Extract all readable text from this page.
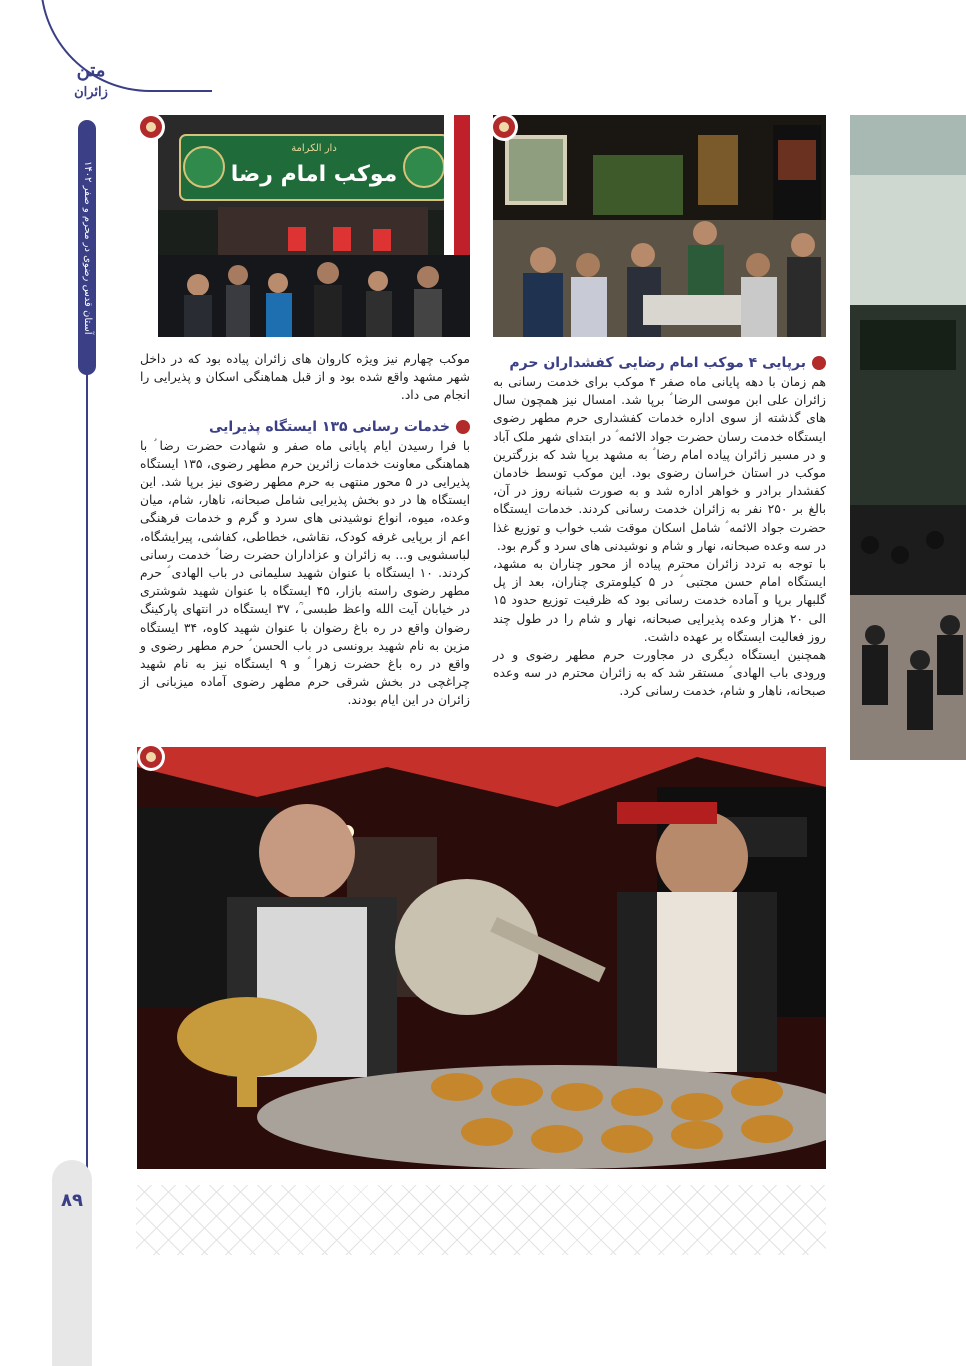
متن
زائران
آستان قدس رضوی در محرم و صفر ۱۴۰۲
دار الكرامة
موکب امام رضا
برپایی ۴ موکب امام رضایی کفشداران حرم

هم زمان با دهه پایانی ماه صفر ۴ موکب برای خدمت رسانی به زائران علی ابن موسی الرضا ؑ برپا شد. امسال نیز همچون سال های گذشته از سوی اداره خدمات کفشداری حرم مطهر رضوی ایستگاه خدمت رسان حضرت جواد الائمه ؑ در ابتدای شهر ملک آباد و در مسیر زائران پیاده امام رضا ؑ به مشهد برپا شد که بزرگترین موکب در استان خراسان رضوی بود. این موکب توسط خادمان کفشدار برادر و خواهر اداره شد و به صورت شبانه روز در آن، بالغ بر ۲۵۰ نفر به زائران خدمت رسانی کردند. خدمات ایستگاه حضرت جواد الائمه ؑ شامل اسکان موقت شب خواب و توزیع غذا در سه وعده صبحانه، نهار و شام و نوشیدنی های سرد و گرم بود.

با توجه به تردد زائران محترم پیاده از محور چناران به مشهد، ایستگاه امام حسن مجتبی ؑ در ۵ کیلومتری چناران، بعد از پل گلبهار برپا و آماده خدمت رسانی بود که ظرفیت توزیع حدود ۱۵ الی ۲۰ هزار وعده پذیرایی صبحانه، نهار و شام را در طول چند روز فعالیت ایستگاه بر عهده داشت.

همچنین ایستگاه دیگری در مجاورت حرم مطهر رضوی و در ورودی باب الهادی ؑ مستقر شد که به زائران محترم در سه وعده صبحانه، ناهار و شام، خدمت رسانی کرد.

موکب چهارم نیز ویژه کاروان های زائران پیاده بود که در داخل شهر مشهد واقع شده بود و از قبل هماهنگی اسکان و پذیرایی را انجام می داد.

خدمات رسانی ۱۳۵ ایستگاه پذیرایی

با فرا رسیدن ایام پایانی ماه صفر و شهادت حضرت رضا ؑ با هماهنگی معاونت خدمات زائرین حرم مطهر رضوی، ۱۳۵ ایستگاه پذیرایی در ۵ محور منتهی به حرم مطهر رضوی نیز برپا شد. این ایستگاه ها در دو بخش پذیرایی شامل صبحانه، ناهار، شام، میان وعده، میوه، انواع نوشیدنی های سرد و گرم و خدمات فرهنگی اعم از برپایی غرفه کودک، نقاشی، خطاطی، کفاشی، پیرایشگاه، لباسشویی و... به زائران و عزاداران حضرت رضا ؑ خدمت رسانی کردند. ۱۰ ایستگاه با عنوان شهید سلیمانی در باب الهادی ؑ حرم مطهر رضوی راسته بازار، ۴۵ ایستگاه با عنوان شهید شوشتری در خیابان آیت الله واعظ طبسی ؒ، ۳۷ ایستگاه در انتهای پارکینگ رضوان واقع در ره باغ رضوان با عنوان شهید کاوه، ۳۴ ایستگاه مزین به نام شهید برونسی در باب الحسن ؑ حرم مطهر رضوی و واقع در ره باغ حضرت زهرا ؑ و ۹ ایستگاه نیز به نام شهید چراغچی در بخش شرقی حرم مطهر رضوی آماده میزبانی از زائران در این ایام بودند.

۸۹
